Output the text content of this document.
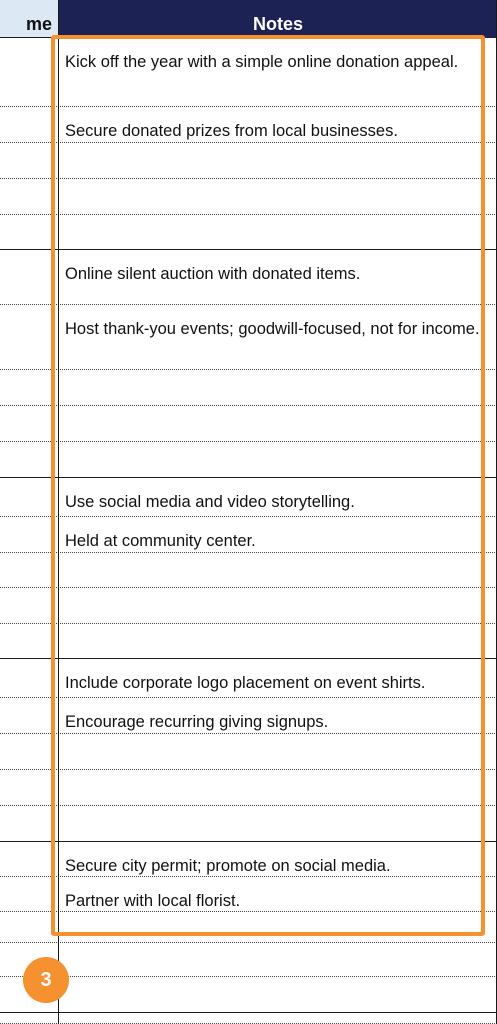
me	Notes
Kick off the year with a simple online donation appeal.
Secure donated prizes from local businesses.
Online silent auction with donated items.
Host thank-you events; goodwill-focused, not for income.
Use social media and video storytelling.
Held at community center.
Include corporate logo placement on event shirts.
Encourage recurring giving signups.
Secure city permit; promote on social media.
Partner with local florist.
3
